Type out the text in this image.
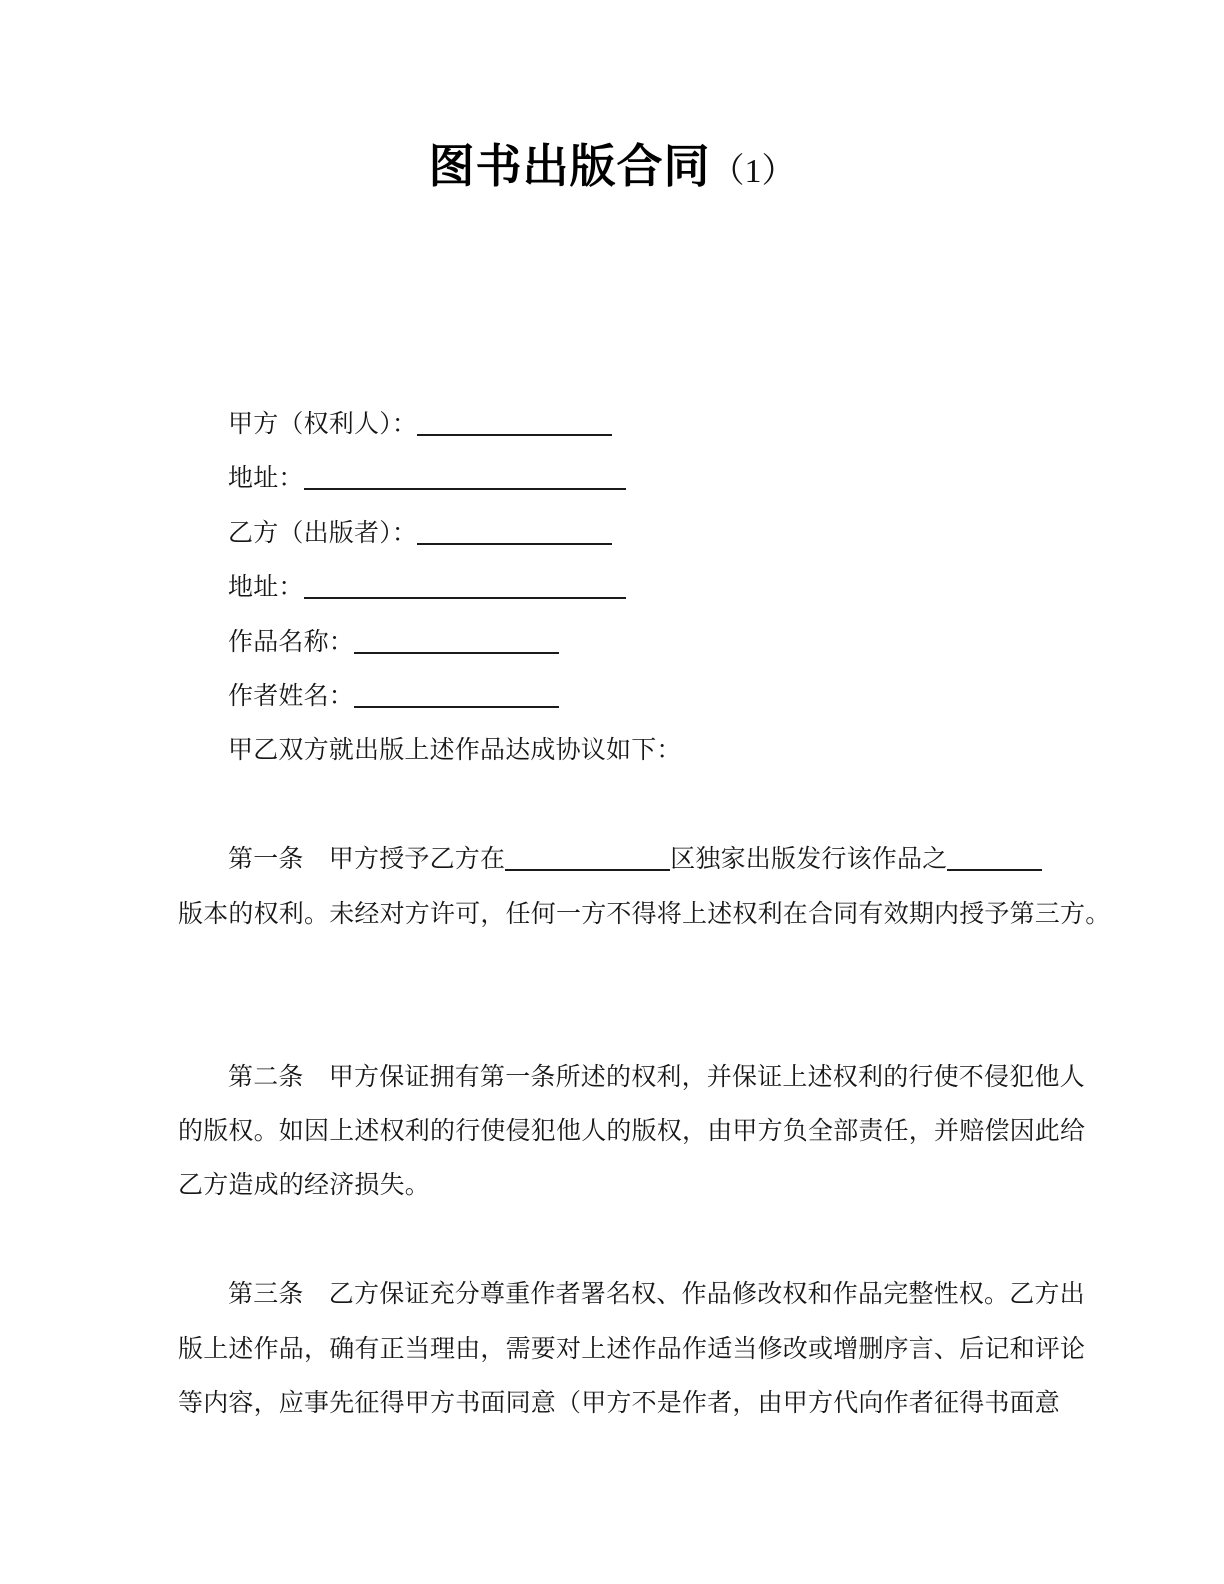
图书出版合同（1）
甲方（权利人）：
地址：
乙方（出版者）：
地址：
作品名称：
作者姓名：
甲乙双方就出版上述作品达成协议如下：

第一条　甲方授予乙方在	区独家出版发行该作品之
版本的权利。未经对方许可，任何一方不得将上述权利在合同有效期内授予第三方。

第二条　甲方保证拥有第一条所述的权利，并保证上述权利的行使不侵犯他人
的版权。如因上述权利的行使侵犯他人的版权，由甲方负全部责任，并赔偿因此给
乙方造成的经济损失。

第三条　乙方保证充分尊重作者署名权、作品修改权和作品完整性权。乙方出
版上述作品，确有正当理由，需要对上述作品作适当修改或增删序言、后记和评论
等内容，应事先征得甲方书面同意（甲方不是作者，由甲方代向作者征得书面意
